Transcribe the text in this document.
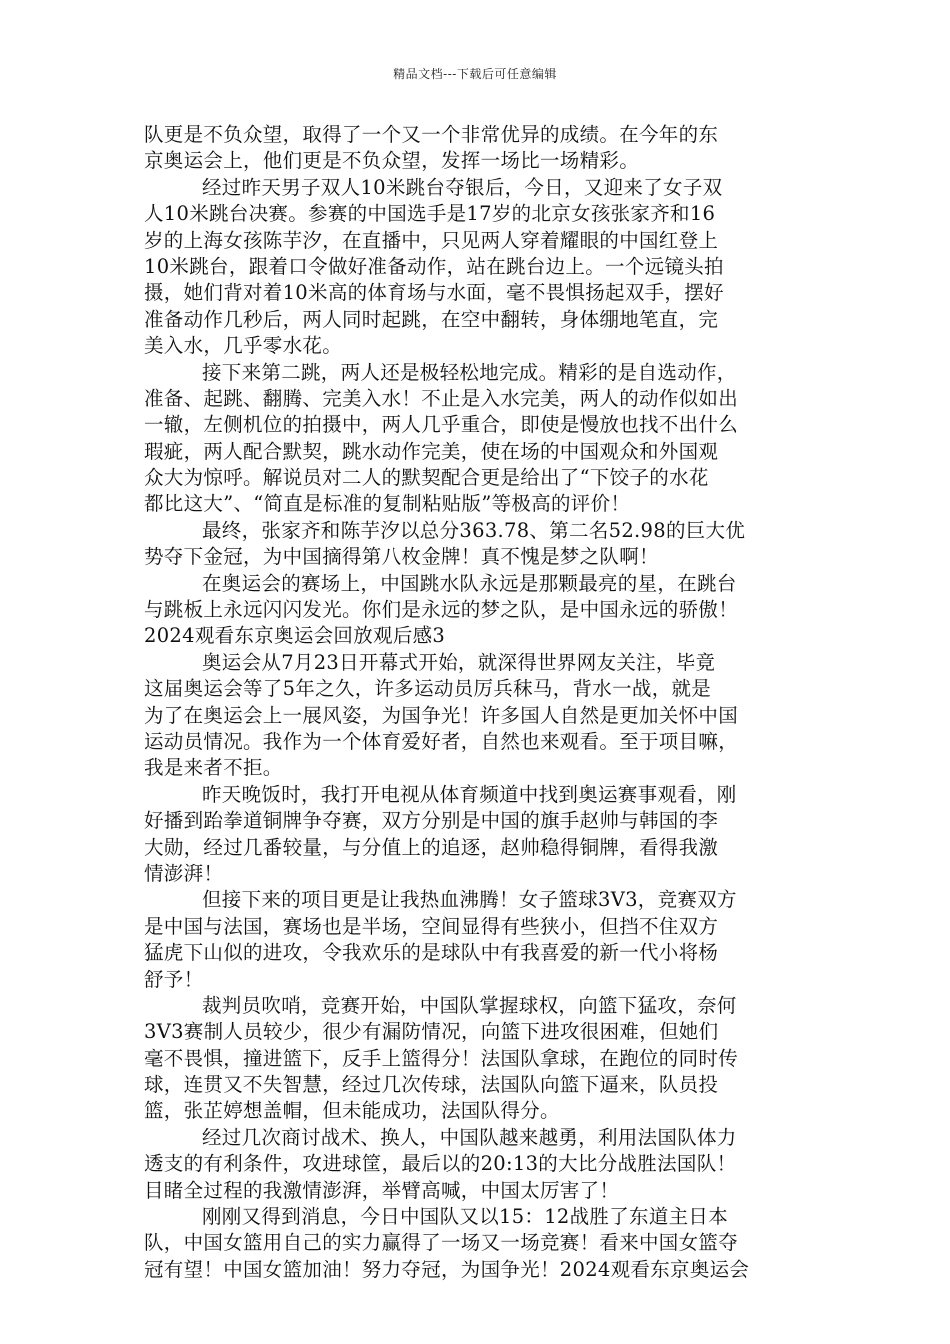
精品文档---下载后可任意编辑
队更是不负众望，取得了一个又一个非常优异的成绩。在今年的东
京奥运会上，他们更是不负众望，发挥一场比一场精彩。
经过昨天男子双人10米跳台夺银后，今日，又迎来了女子双
人10米跳台决赛。参赛的中国选手是17岁的北京女孩张家齐和16
岁的上海女孩陈芋汐，在直播中，只见两人穿着耀眼的中国红登上
10米跳台，跟着口令做好准备动作，站在跳台边上。一个远镜头拍
摄，她们背对着10米高的体育场与水面，毫不畏惧扬起双手，摆好
准备动作几秒后，两人同时起跳，在空中翻转，身体绷地笔直，完
美入水，几乎零水花。
接下来第二跳，两人还是极轻松地完成。精彩的是自选动作，
准备、起跳、翻腾、完美入水！不止是入水完美，两人的动作似如出
一辙，左侧机位的拍摄中，两人几乎重合，即使是慢放也找不出什么
瑕疵，两人配合默契，跳水动作完美，使在场的中国观众和外国观
众大为惊呼。解说员对二人的默契配合更是给出了“下饺子的水花
都比这大”、“简直是标准的复制粘贴版”等极高的评价！
最终，张家齐和陈芋汐以总分363.78、第二名52.98的巨大优
势夺下金冠，为中国摘得第八枚金牌！真不愧是梦之队啊！
在奥运会的赛场上，中国跳水队永远是那颗最亮的星，在跳台
与跳板上永远闪闪发光。你们是永远的梦之队，是中国永远的骄傲！
2024观看东京奥运会回放观后感3
奥运会从7月23日开幕式开始，就深得世界网友关注，毕竟
这届奥运会等了5年之久，许多运动员厉兵秣马，背水一战，就是
为了在奥运会上一展风姿，为国争光！许多国人自然是更加关怀中国
运动员情况。我作为一个体育爱好者，自然也来观看。至于项目嘛，
我是来者不拒。
昨天晚饭时，我打开电视从体育频道中找到奥运赛事观看，刚
好播到跆拳道铜牌争夺赛，双方分别是中国的旗手赵帅与韩国的李
大勋，经过几番较量，与分值上的追逐，赵帅稳得铜牌，看得我激
情澎湃！
但接下来的项目更是让我热血沸腾！女子篮球3V3，竞赛双方
是中国与法国，赛场也是半场，空间显得有些狭小，但挡不住双方
猛虎下山似的进攻，令我欢乐的是球队中有我喜爱的新一代小将杨
舒予！
裁判员吹哨，竞赛开始，中国队掌握球权，向篮下猛攻，奈何
3V3赛制人员较少，很少有漏防情况，向篮下进攻很困难，但她们
毫不畏惧，撞进篮下，反手上篮得分！法国队拿球，在跑位的同时传
球，连贯又不失智慧，经过几次传球，法国队向篮下逼来，队员投
篮，张芷婷想盖帽，但未能成功，法国队得分。
经过几次商讨战术、换人，中国队越来越勇，利用法国队体力
透支的有利条件，攻进球筐，最后以的20:13的大比分战胜法国队！
目睹全过程的我激情澎湃，举臂高喊，中国太厉害了！
刚刚又得到消息，今日中国队又以15：12战胜了东道主日本
队，中国女篮用自己的实力赢得了一场又一场竞赛！看来中国女篮夺
冠有望！中国女篮加油！努力夺冠，为国争光！2024观看东京奥运会
